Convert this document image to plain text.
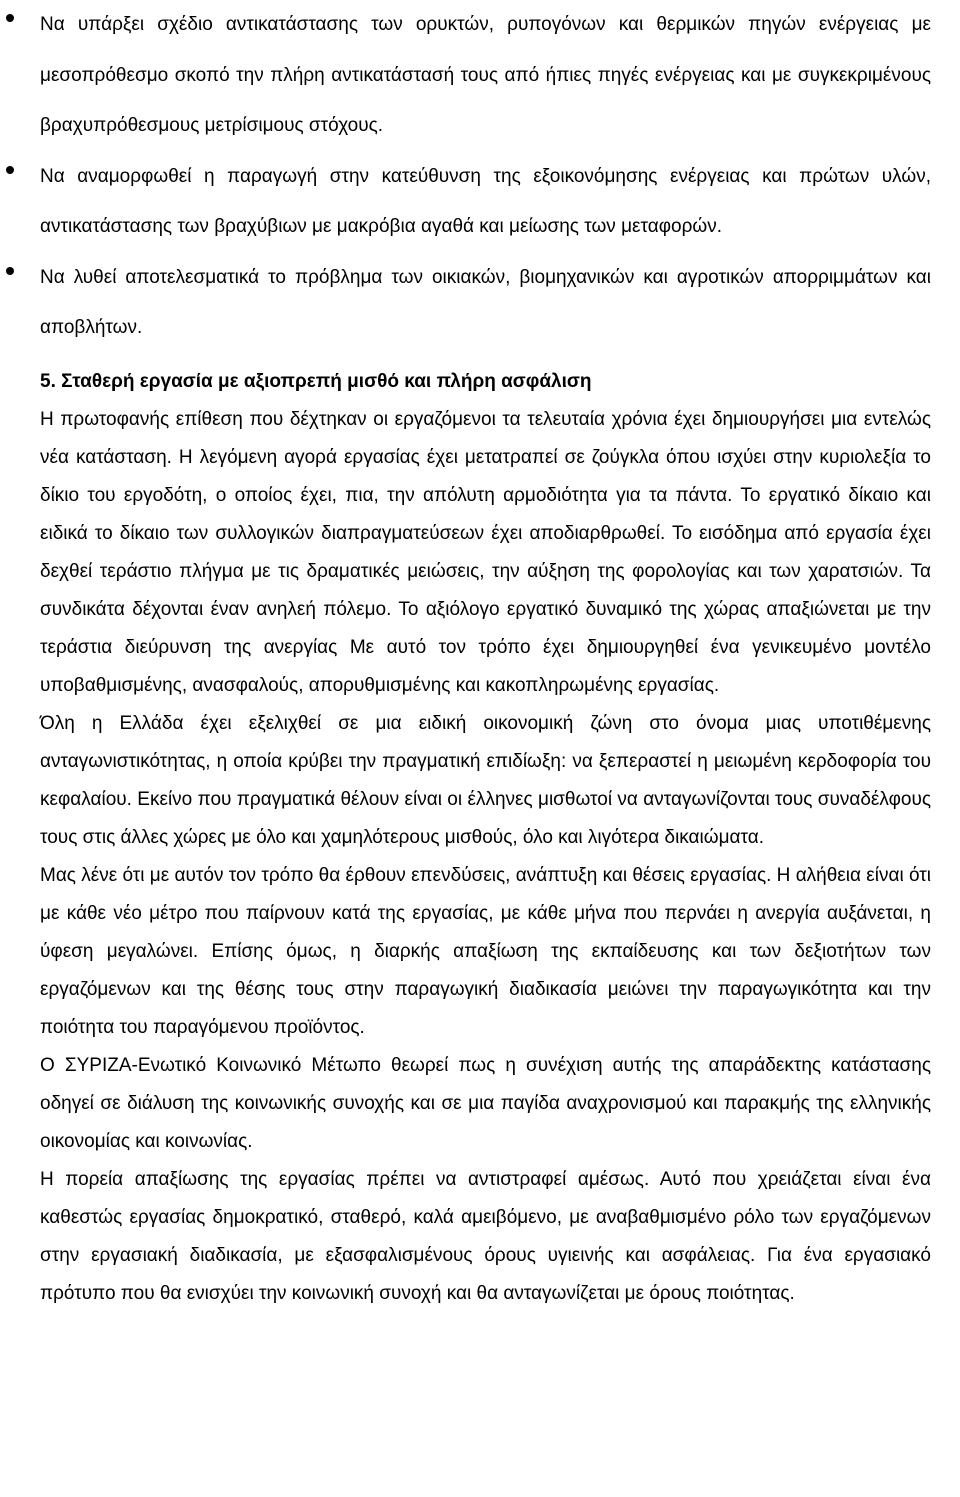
Να υπάρξει σχέδιο αντικατάστασης των ορυκτών, ρυπογόνων και θερμικών πηγών ενέργειας με μεσοπρόθεσμο σκοπό την πλήρη αντικατάστασή τους από ήπιες πηγές ενέργειας και με συγκεκριμένους βραχυπρόθεσμους μετρίσιμους στόχους.
Να αναμορφωθεί η παραγωγή στην κατεύθυνση της εξοικονόμησης ενέργειας και πρώτων υλών, αντικατάστασης των βραχύβιων με μακρόβια αγαθά και μείωσης των μεταφορών.
Να λυθεί αποτελεσματικά το πρόβλημα των οικιακών, βιομηχανικών και αγροτικών απορριμμάτων και αποβλήτων.
5. Σταθερή εργασία με αξιοπρεπή μισθό και πλήρη ασφάλιση

Η πρωτοφανής επίθεση που δέχτηκαν οι εργαζόμενοι τα τελευταία χρόνια έχει δημιουργήσει μια εντελώς νέα κατάσταση. Η λεγόμενη αγορά εργασίας έχει μετατραπεί σε ζούγκλα όπου ισχύει στην κυριολεξία το δίκιο του εργοδότη, ο οποίος έχει, πια, την απόλυτη αρμοδιότητα για τα πάντα. Το εργατικό δίκαιο και ειδικά το δίκαιο των συλλογικών διαπραγματεύσεων έχει αποδιαρθρωθεί. Το εισόδημα από εργασία έχει δεχθεί τεράστιο πλήγμα με τις δραματικές μειώσεις, την αύξηση της φορολογίας και των χαρατσιών. Τα συνδικάτα δέχονται έναν ανηλεή πόλεμο. Το αξιόλογο εργατικό δυναμικό της χώρας απαξιώνεται με την τεράστια διεύρυνση της ανεργίας Με αυτό τον τρόπο έχει δημιουργηθεί ένα γενικευμένο μοντέλο υποβαθμισμένης, ανασφαλούς, απορυθμισμένης και κακοπληρωμένης εργασίας.

Όλη η Ελλάδα έχει εξελιχθεί σε μια ειδική οικονομική ζώνη στο όνομα μιας υποτιθέμενης ανταγωνιστικότητας, η οποία κρύβει την πραγματική επιδίωξη: να ξεπεραστεί η μειωμένη κερδοφορία του κεφαλαίου. Εκείνο που πραγματικά θέλουν είναι οι έλληνες μισθωτοί να ανταγωνίζονται τους συναδέλφους τους στις άλλες χώρες με όλο και χαμηλότερους μισθούς, όλο και λιγότερα δικαιώματα.

Μας λένε ότι με αυτόν τον τρόπο θα έρθουν επενδύσεις, ανάπτυξη και θέσεις εργασίας. Η αλήθεια είναι ότι με κάθε νέο μέτρο που παίρνουν κατά της εργασίας, με κάθε μήνα που περνάει η ανεργία αυξάνεται, η ύφεση μεγαλώνει. Επίσης όμως, η διαρκής απαξίωση της εκπαίδευσης και των δεξιοτήτων των εργαζόμενων και της θέσης τους στην παραγωγική διαδικασία μειώνει την παραγωγικότητα και την ποιότητα του παραγόμενου προϊόντος.

Ο ΣΥΡΙΖΑ-Ενωτικό Κοινωνικό Μέτωπο θεωρεί πως η συνέχιση αυτής της απαράδεκτης κατάστασης οδηγεί σε διάλυση της κοινωνικής συνοχής και σε μια παγίδα αναχρονισμού και παρακμής της ελληνικής οικονομίας και κοινωνίας.

Η πορεία απαξίωσης της εργασίας πρέπει να αντιστραφεί αμέσως. Αυτό που χρειάζεται είναι ένα καθεστώς εργασίας δημοκρατικό, σταθερό, καλά αμειβόμενο, με αναβαθμισμένο ρόλο των εργαζόμενων στην εργασιακή διαδικασία, με εξασφαλισμένους όρους υγιεινής και ασφάλειας. Για ένα εργασιακό πρότυπο που θα ενισχύει την κοινωνική συνοχή και θα ανταγωνίζεται με όρους ποιότητας.
